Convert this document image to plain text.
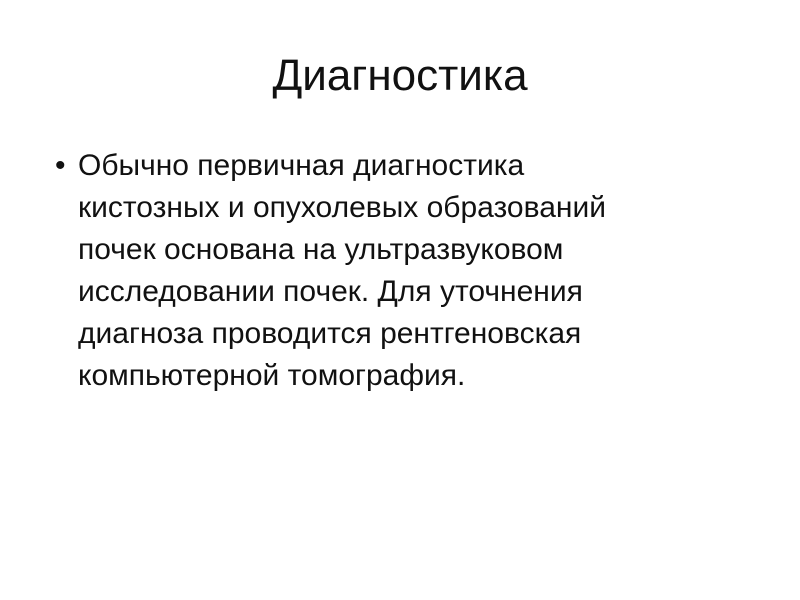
Диагностика
• Обычно первичная диагностика
кистозных и опухолевых образований
почек основана на ультразвуковом
исследовании почек. Для уточнения
диагноза проводится рентгеновская
компьютерной томография.
